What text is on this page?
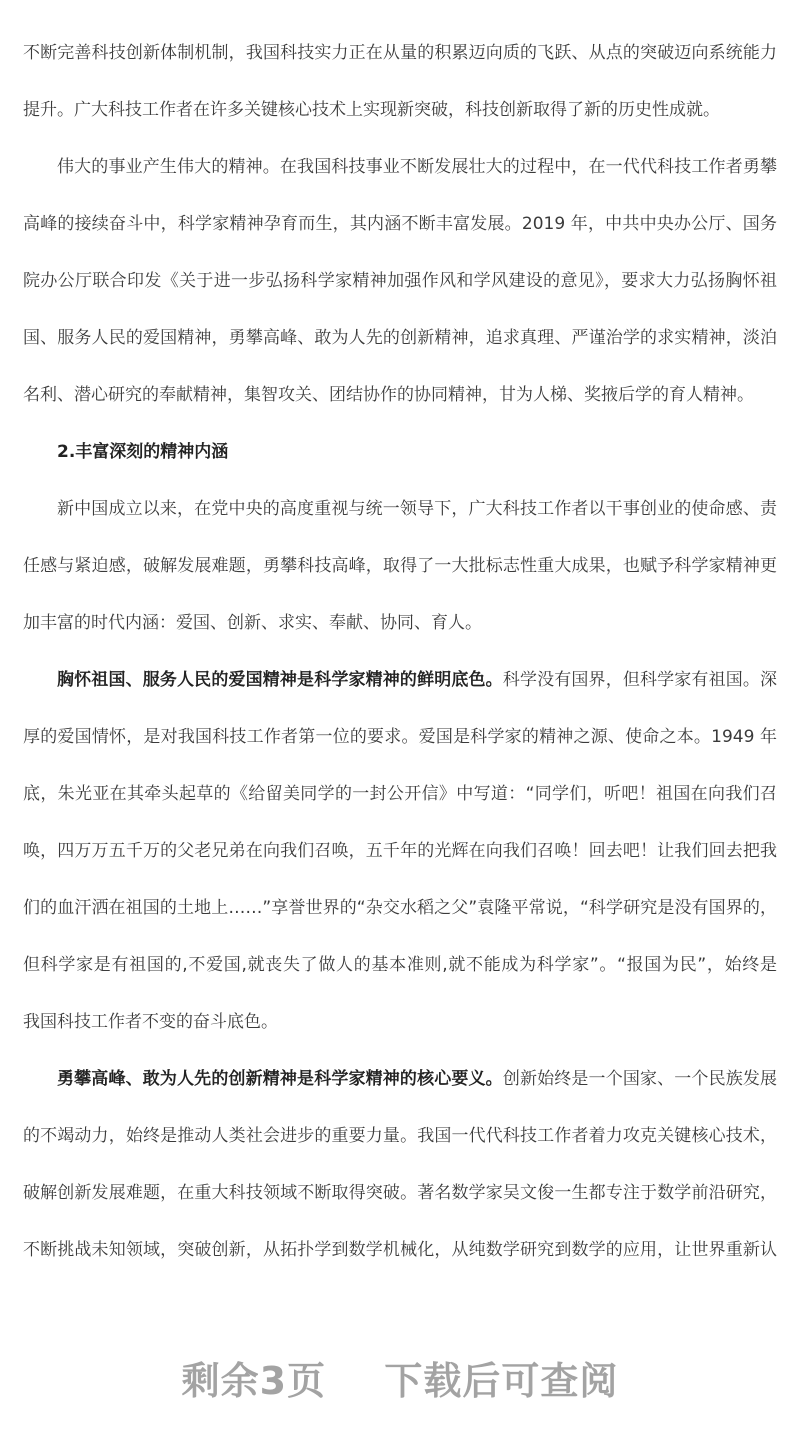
不断完善科技创新体制机制，我国科技实力正在从量的积累迈向质的飞跃、从点的突破迈向系统能力
提升。广大科技工作者在许多关键核心技术上实现新突破，科技创新取得了新的历史性成就。
伟大的事业产生伟大的精神。在我国科技事业不断发展壮大的过程中，在一代代科技工作者勇攀
高峰的接续奋斗中，科学家精神孕育而生，其内涵不断丰富发展。2019 年，中共中央办公厅、国务
院办公厅联合印发《关于进一步弘扬科学家精神加强作风和学风建设的意见》，要求大力弘扬胸怀祖
国、服务人民的爱国精神，勇攀高峰、敢为人先的创新精神，追求真理、严谨治学的求实精神，淡泊
名利、潜心研究的奉献精神，集智攻关、团结协作的协同精神，甘为人梯、奖掖后学的育人精神。
2.丰富深刻的精神内涵
新中国成立以来，在党中央的高度重视与统一领导下，广大科技工作者以干事创业的使命感、责
任感与紧迫感，破解发展难题，勇攀科技高峰，取得了一大批标志性重大成果，也赋予科学家精神更
加丰富的时代内涵：爱国、创新、求实、奉献、协同、育人。
胸怀祖国、服务人民的爱国精神是科学家精神的鲜明底色。科学没有国界，但科学家有祖国。深
厚的爱国情怀，是对我国科技工作者第一位的要求。爱国是科学家的精神之源、使命之本。1949 年
底，朱光亚在其牵头起草的《给留美同学的一封公开信》中写道：“同学们，听吧！祖国在向我们召
唤，四万万五千万的父老兄弟在向我们召唤，五千年的光辉在向我们召唤！回去吧！让我们回去把我
们的血汗洒在祖国的土地上……”享誉世界的“杂交水稻之父”袁隆平常说，“科学研究是没有国界的，
但科学家是有祖国的,不爱国,就丧失了做人的基本准则,就不能成为科学家”。“报国为民”，始终是
我国科技工作者不变的奋斗底色。
勇攀高峰、敢为人先的创新精神是科学家精神的核心要义。创新始终是一个国家、一个民族发展
的不竭动力，始终是推动人类社会进步的重要力量。我国一代代科技工作者着力攻克关键核心技术，
破解创新发展难题，在重大科技领域不断取得突破。著名数学家吴文俊一生都专注于数学前沿研究，
不断挑战未知领域，突破创新，从拓扑学到数学机械化，从纯数学研究到数学的应用，让世界重新认
剩余3页 下载后可查阅
